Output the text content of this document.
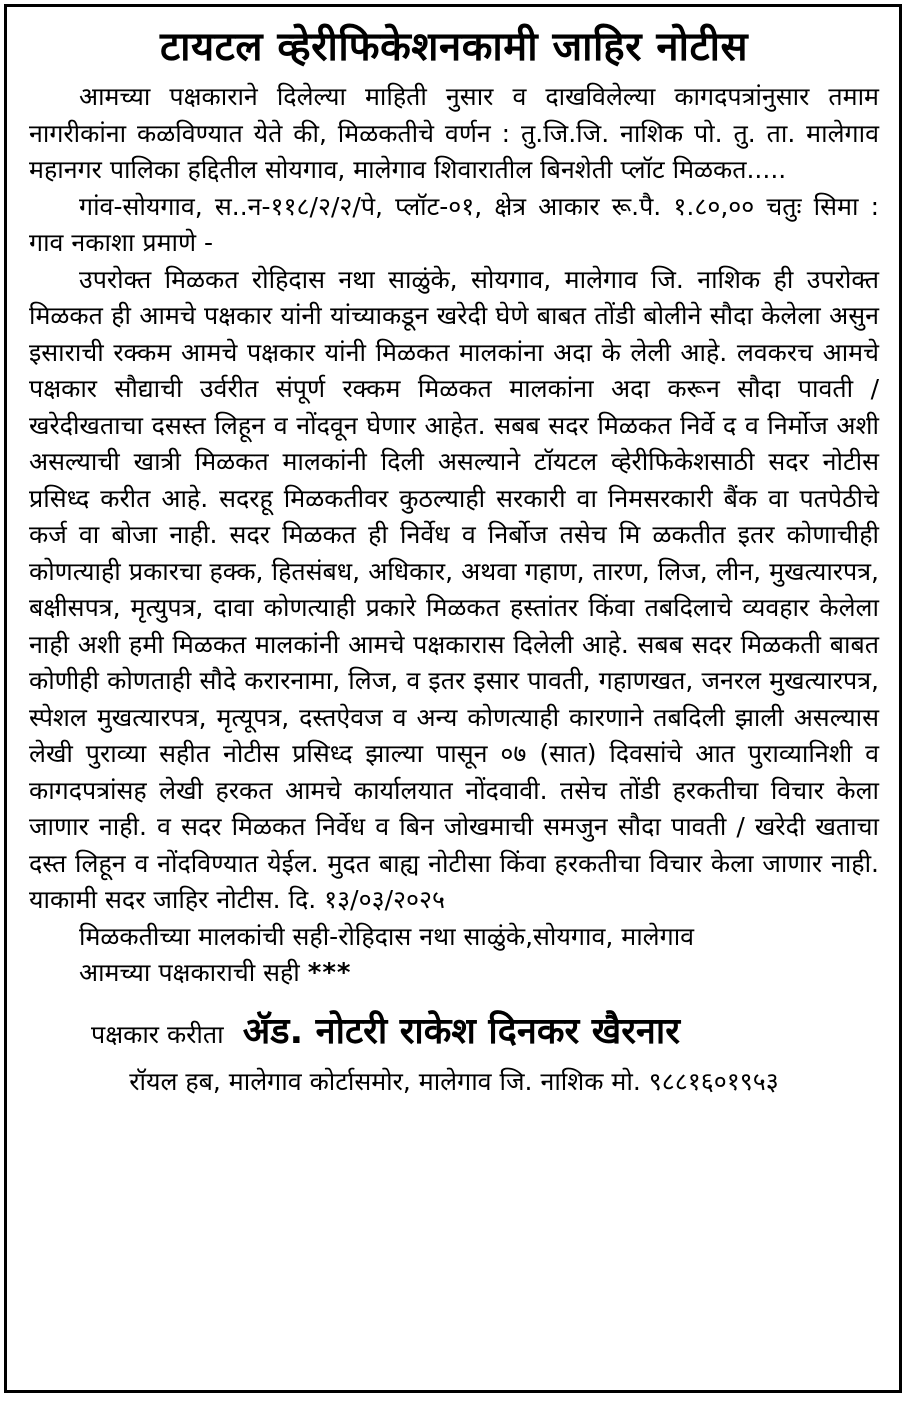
टायटल व्हेरीफिकेशनकामी जाहिर नोटीस

आमच्या पक्षकाराने दिलेल्या माहिती नुसार व दाखविलेल्या कागदपत्रांनुसार तमाम नागरीकांना कळविण्यात येते की, मिळकतीचे वर्णन : तु.जि.जि. नाशिक पो. तु. ता. मालेगाव महानगर पालिका हद्दितील सोयगाव, मालेगाव शिवारातील बिनशेती प्लॉट मिळकत.....

गांव-सोयगाव, स..न-११८/२/२/पे, प्लॉट-०१, क्षेत्र आकार रू.पै. १.८०,०० चतुः सिमा : गाव नकाशा प्रमाणे -

उपरोक्त मिळकत रोहिदास नथा साळुंके, सोयगाव, मालेगाव जि. नाशिक ही उपरोक्त मिळकत ही आमचे पक्षकार यांनी यांच्याकडून खरेदी घेणे बाबत तोंडी बोलीने सौदा केलेला असुन इसाराची रक्कम आमचे पक्षकार यांनी मिळकत मालकांना अदा के लेली आहे. लवकरच आमचे पक्षकार सौद्याची उर्वरीत संपूर्ण रक्कम मिळकत मालकांना अदा करून सौदा पावती /खरेदीखताचा दसस्त लिहून व नोंदवून घेणार आहेत. सबब सदर मिळकत निर्वे द व निर्मोज अशी असल्याची खात्री मिळकत मालकांनी दिली असल्याने टॉयटल व्हेरीफिकेशसाठी सदर नोटीस प्रसिध्द करीत आहे. सदरहू मिळकतीवर कुठल्याही सरकारी वा निमसरकारी बैंक वा पतपेठीचे कर्ज वा बोजा नाही. सदर मिळकत ही निर्वेध व निर्बोज तसेच मि ळकतीत इतर कोणाचीही कोणत्याही प्रकारचा हक्क, हितसंबध, अधिकार, अथवा गहाण, तारण, लिज, लीन, मुखत्यारपत्र, बक्षीसपत्र, मृत्युपत्र, दावा कोणत्याही प्रकारे मिळकत हस्तांतर किंवा तबदिलाचे व्यवहार केलेला नाही अशी हमी मिळकत मालकांनी आमचे पक्षकारास दिलेली आहे. सबब सदर मिळकती बाबत कोणीही कोणताही सौदे करारनामा, लिज, व इतर इसार पावती, गहाणखत, जनरल मुखत्यारपत्र, स्पेशल मुखत्यारपत्र, मृत्यूपत्र, दस्तऐवज व अन्य कोणत्याही कारणाने तबदिली झाली असल्यास लेखी पुराव्या सहीत नोटीस प्रसिध्द झाल्या पासून ०७ (सात) दिवसांचे आत पुराव्यानिशी व कागदपत्रांसह लेखी हरकत आमचे कार्यालयात नोंदवावी. तसेच तोंडी हरकतीचा विचार केला जाणार नाही. व सदर मिळकत निर्वेध व बिन जोखमाची समजुन सौदा पावती / खरेदी खताचा दस्त लिहून व नोंदविण्यात येईल. मुदत बाह्य नोटीसा किंवा हरकतीचा विचार केला जाणार नाही. याकामी सदर जाहिर नोटीस. दि. १३/०३/२०२५

मिळकतीच्या मालकांची सही-रोहिदास नथा साळुंके,सोयगाव, मालेगाव

आमच्या पक्षकाराची सही ***

पक्षकार करीता ॲड. नोटरी राकेश दिनकर खैरनार

रॉयल हब, मालेगाव कोर्टासमोर, मालेगाव जि. नाशिक मो. ९८८१६०१९५३
